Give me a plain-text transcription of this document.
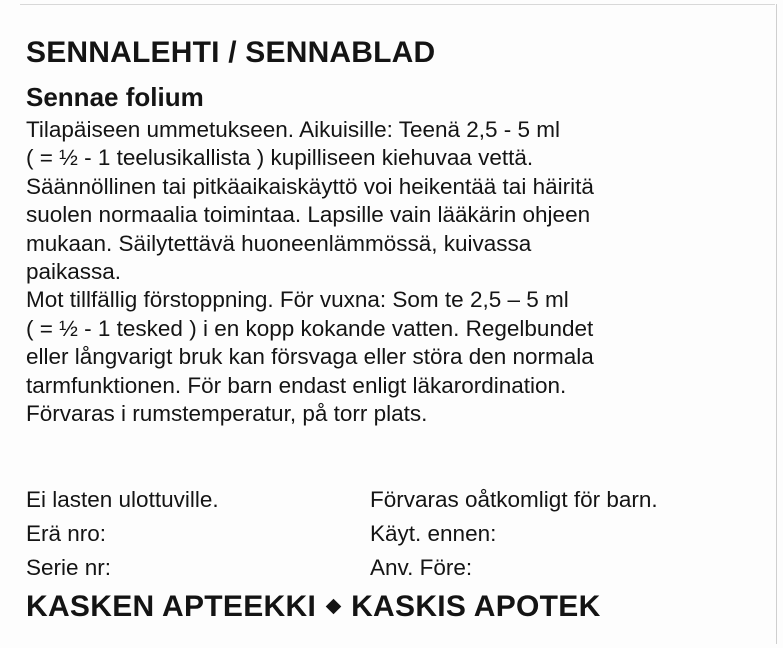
SENNALEHTI / SENNABLAD
Sennae folium
Tilapäiseen ummetukseen. Aikuisille: Teenä 2,5 - 5 ml
( = ½ - 1 teelusikallista ) kupilliseen kiehuvaa vettä.
Säännöllinen tai pitkäaikaiskäyttö voi heikentää tai häiritä
suolen normaalia toimintaa. Lapsille vain lääkärin ohjeen
mukaan. Säilytettävä huoneenlämmössä, kuivassa
paikassa.
Mot tillfällig förstoppning. För vuxna: Som te 2,5 – 5 ml
( = ½ - 1 tesked ) i en kopp kokande vatten. Regelbundet
eller långvarigt bruk kan försvaga eller störa den normala
tarmfunktionen. För barn endast enligt läkarordination.
Förvaras i rumstemperatur, på torr plats.
Ei lasten ulottuville.	Förvaras oåtkomligt för barn.
Erä nro:	Käyt. ennen:
Serie nr:	Anv. Före:
KASKEN APTEEKKI KASKIS APOTEK
